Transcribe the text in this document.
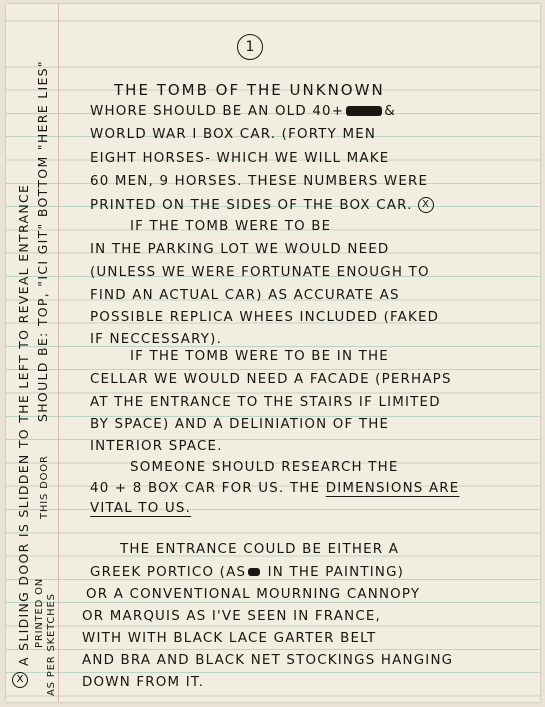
1
THE TOMB OF THE UNKNOWN
WHORE SHOULD BE AN OLD 40+	&
WORLD WAR I BOX CAR. (FORTY MEN
EIGHT HORSES- WHICH WE WILL MAKE
60 MEN, 9 HORSES. THESE NUMBERS WERE
PRINTED ON THE SIDES OF THE BOX CAR. X
IF THE TOMB WERE TO BE
IN THE PARKING LOT WE WOULD NEED
(UNLESS WE WERE FORTUNATE ENOUGH TO
FIND AN ACTUAL CAR) AS ACCURATE AS
POSSIBLE REPLICA WHEES INCLUDED (FAKED
IF NECCESSARY).
IF THE TOMB WERE TO BE IN THE
CELLAR WE WOULD NEED A FACADE (PERHAPS
AT THE ENTRANCE TO THE STAIRS IF LIMITED
BY SPACE) AND A DELINIATION OF THE
INTERIOR SPACE.
SOMEONE SHOULD RESEARCH THE
40 + 8 BOX CAR FOR US. THE DIMENSIONS ARE
VITAL TO US.
THE ENTRANCE COULD BE EITHER A
GREEK PORTICO (AS IN THE PAINTING)
OR A CONVENTIONAL MOURNING CANNOPY
OR MARQUIS AS I'VE SEEN IN FRANCE,
WITH WITH BLACK LACE GARTER BELT
AND BRA AND BLACK NET STOCKINGS HANGING
DOWN FROM IT.
A SLIDING DOOR IS SLIDDEN TO THE LEFT TO REVEAL ENTRANCE SHOULD BE: TOP, "ICI GIT" BOTTOM "HERE LIES"
THIS DOOR
PRINTED ON AS PER SKETCHES
X
